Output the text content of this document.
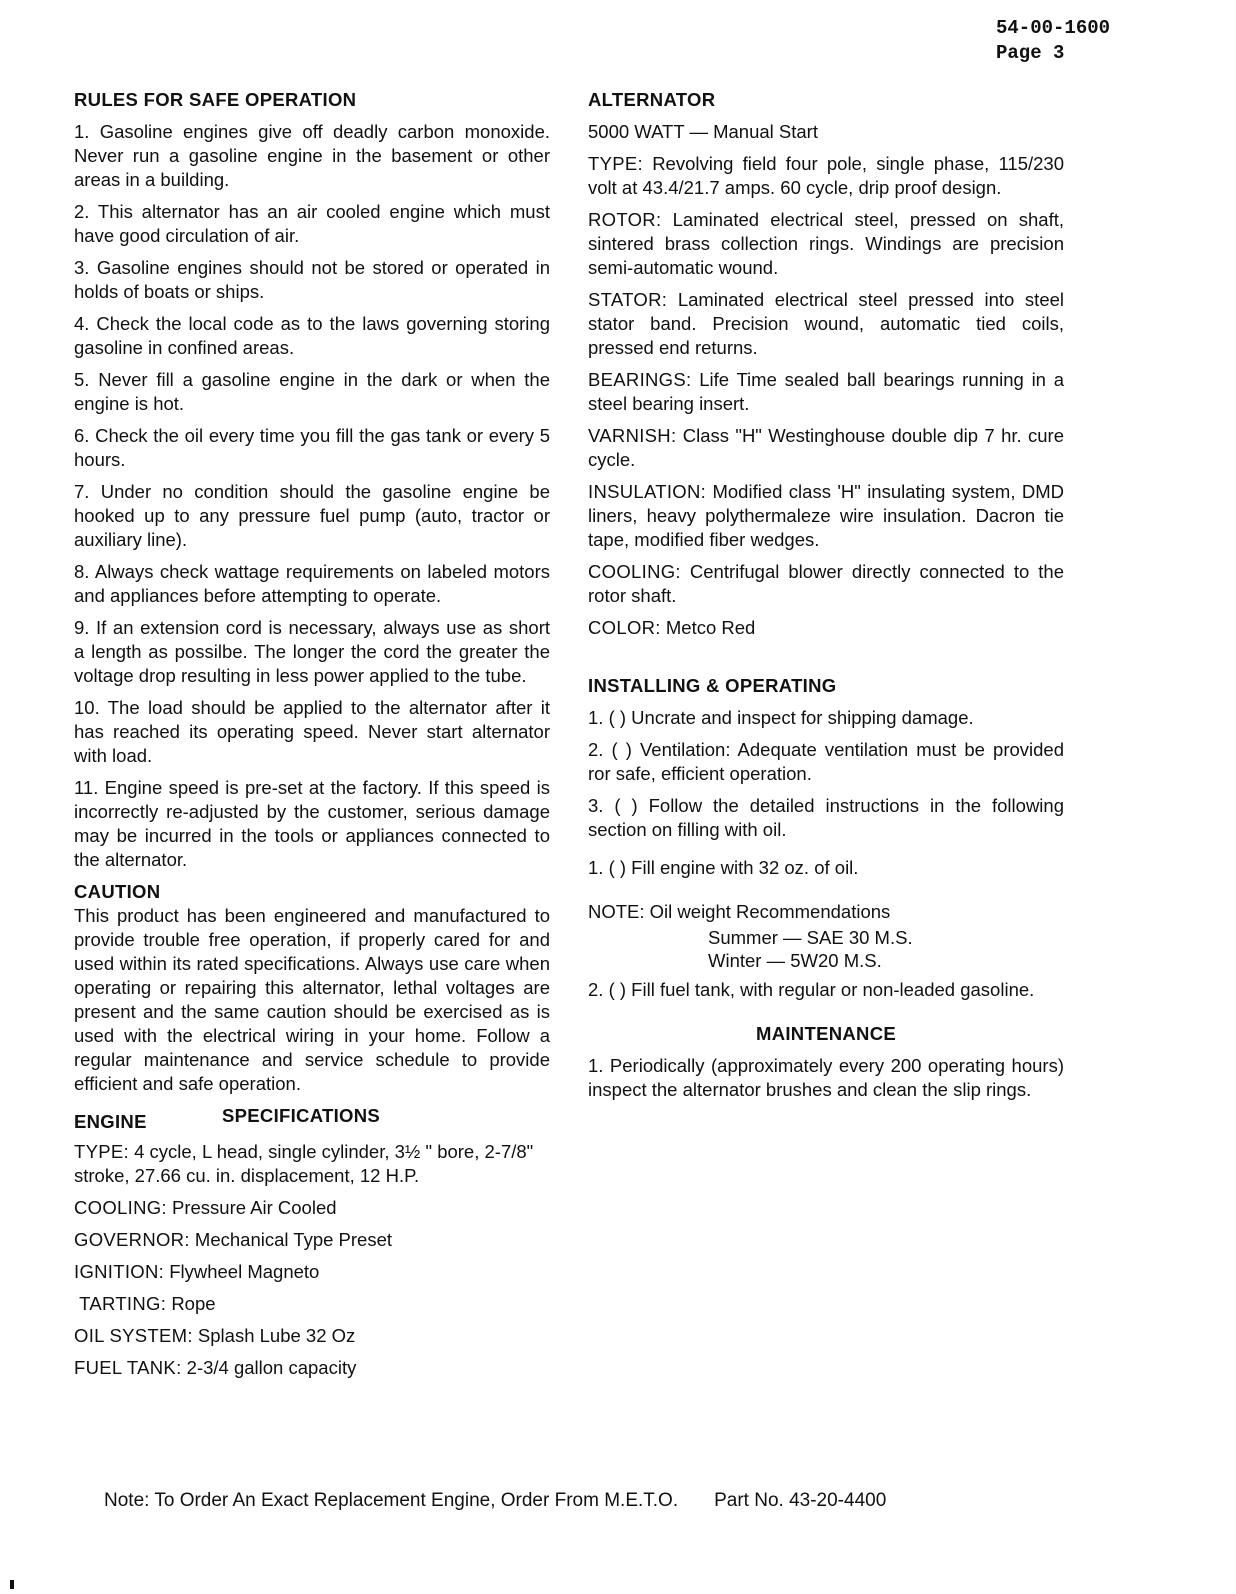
54-00-1600
Page 3
RULES FOR SAFE OPERATION
1. Gasoline engines give off deadly carbon monoxide. Never run a gasoline engine in the basement or other areas in a building.
2. This alternator has an air cooled engine which must have good circulation of air.
3. Gasoline engines should not be stored or operated in holds of boats or ships.
4. Check the local code as to the laws governing storing gasoline in confined areas.
5. Never fill a gasoline engine in the dark or when the engine is hot.
6. Check the oil every time you fill the gas tank or every 5 hours.
7. Under no condition should the gasoline engine be hooked up to any pressure fuel pump (auto, tractor or auxiliary line).
8. Always check wattage requirements on labeled motors and appliances before attempting to operate.
9. If an extension cord is necessary, always use as short a length as possilbe. The longer the cord the greater the voltage drop resulting in less power applied to the tube.
10. The load should be applied to the alternator after it has reached its operating speed. Never start alternator with load.
11. Engine speed is pre-set at the factory. If this speed is incorrectly re-adjusted by the customer, serious damage may be incurred in the tools or appliances connected to the alternator.
CAUTION
This product has been engineered and manufactured to provide trouble free operation, if properly cared for and used within its rated specifications. Always use care when operating or repairing this alternator, lethal voltages are present and the same caution should be exercised as is used with the electrical wiring in your home. Follow a regular maintenance and service schedule to provide efficient and safe operation.
ENGINE	SPECIFICATIONS
TYPE: 4 cycle, L head, single cylinder, 3½ " bore, 2-7/8" stroke, 27.66 cu. in. displacement, 12 H.P.
COOLING: Pressure Air Cooled
GOVERNOR: Mechanical Type Preset
IGNITION: Flywheel Magneto
TARTING: Rope
OIL SYSTEM: Splash Lube 32 Oz
FUEL TANK: 2-3/4 gallon capacity
ALTERNATOR
5000 WATT — Manual Start
TYPE: Revolving field four pole, single phase, 115/230 volt at 43.4/21.7 amps. 60 cycle, drip proof design.
ROTOR: Laminated electrical steel, pressed on shaft, sintered brass collection rings. Windings are precision semi-automatic wound.
STATOR: Laminated electrical steel pressed into steel stator band. Precision wound, automatic tied coils, pressed end returns.
BEARINGS: Life Time sealed ball bearings running in a steel bearing insert.
VARNISH: Class "H" Westinghouse double dip 7 hr. cure cycle.
INSULATION: Modified class 'H" insulating system, DMD liners, heavy polythermaleze wire insulation. Dacron tie tape, modified fiber wedges.
COOLING: Centrifugal blower directly connected to the rotor shaft.
COLOR: Metco Red
INSTALLING & OPERATING
1. ( ) Uncrate and inspect for shipping damage.
2. ( ) Ventilation: Adequate ventilation must be provided ror safe, efficient operation.
3. ( ) Follow the detailed instructions in the following section on filling with oil.
1. ( ) Fill engine with 32 oz. of oil.
NOTE: Oil weight Recommendations
Summer — SAE 30 M.S.
Winter — 5W20 M.S.
2. ( ) Fill fuel tank, with regular or non-leaded gasoline.
MAINTENANCE
1. Periodically (approximately every 200 operating hours) inspect the alternator brushes and clean the slip rings.
Note: To Order An Exact Replacement Engine, Order From M.E.T.O. Part No. 43-20-4400
